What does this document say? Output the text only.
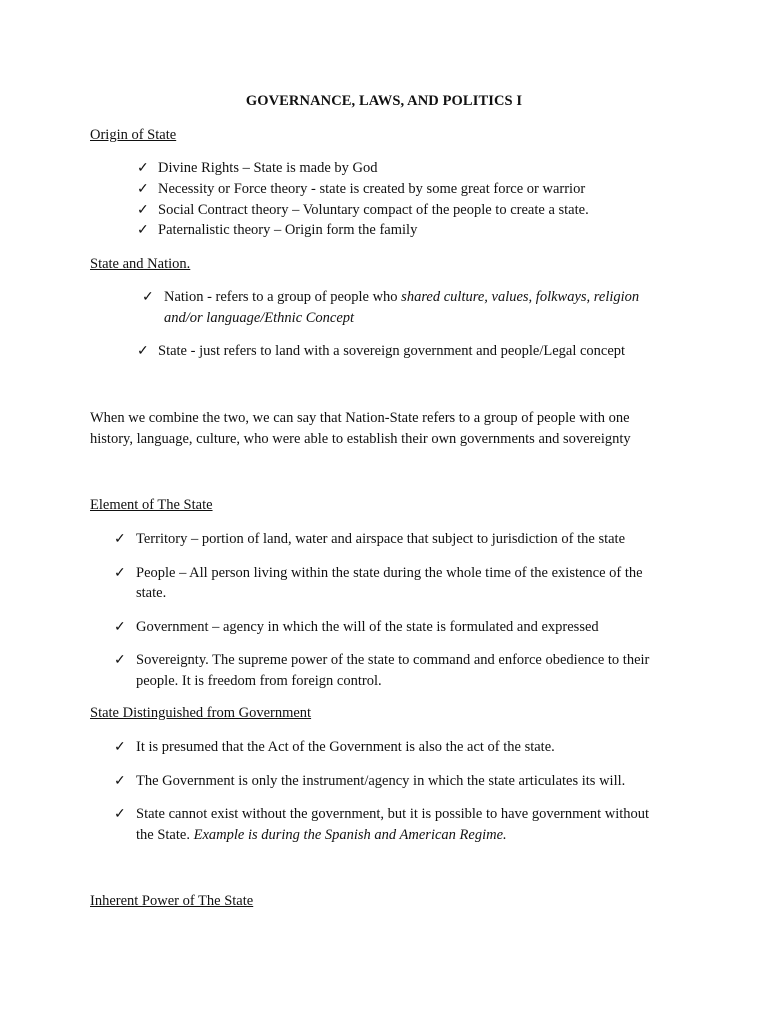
GOVERNANCE, LAWS, AND POLITICS I
Origin of State
✓ Divine Rights – State is made by God
✓ Necessity or Force theory - state is created by some great force or warrior
✓ Social Contract theory – Voluntary compact of the people to create a state.
✓ Paternalistic theory – Origin form the family
State and Nation.
✓ Nation - refers to a group of people who shared culture, values, folkways, religion
and/or language/Ethnic Concept
✓ State - just refers to land with a sovereign government and people/Legal concept
When we combine the two, we can say that Nation-State refers to a group of people with one
history, language, culture, who were able to establish their own governments and sovereignty
Element of The State
✓ Territory – portion of land, water and airspace that subject to jurisdiction of the state
✓ People – All person living within the state during the whole time of the existence of the
state.
✓ Government – agency in which the will of the state is formulated and expressed
✓ Sovereignty. The supreme power of the state to command and enforce obedience to their
people. It is freedom from foreign control.
State Distinguished from Government
✓ It is presumed that the Act of the Government is also the act of the state.
✓ The Government is only the instrument/agency in which the state articulates its will.
✓ State cannot exist without the government, but it is possible to have government without
the State. Example is during the Spanish and American Regime.
Inherent Power of The State
